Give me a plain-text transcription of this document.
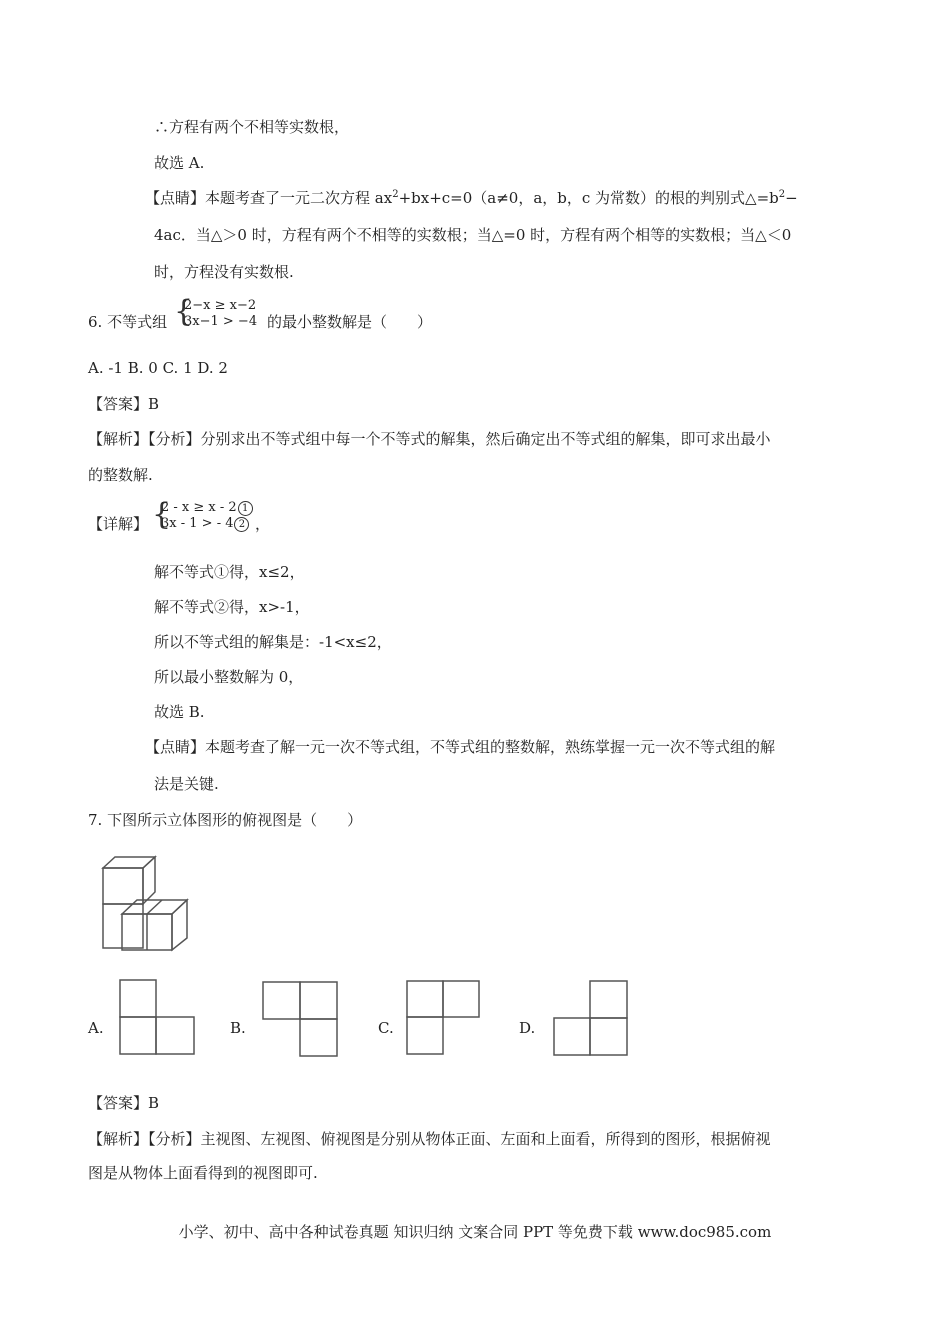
∴方程有两个不相等实数根，
故选 A.
【点睛】本题考查了一元二次方程 $ax^2+bx+c=0(a\ne 0$，a，b，c 为常数）的根的判别式$\triangle=b^2-$
4ac．当△＞0 时，方程有两个不相等的实数根；当△=0 时，方程有两个相等的实数根；当△＜0
时，方程没有实数根.
6. 不等式组 {
2−x ≥ x−2
3x−1 > −4 的最小整数解是（　　）
A. -1 B. 0 C. 1 D. 2
【答案】B
【解析】【分析】分别求出不等式组中每一个不等式的解集，然后确定出不等式组的解集，即可求出最小
的整数解.
【详解】 {
2 - x ≥ x - 2 1
3x - 1 > - 4 2 ，
解不等式①得，x≤2，
解不等式②得，x>-1，
所以不等式组的解集是：-1<x≤2，
所以最小整数解为 0，
故选 B.
【点睛】本题考查了解一元一次不等式组，不等式组的整数解，熟练掌握一元一次不等式组的解
法是关键.
7. 下图所示立体图形的俯视图是（　　）
A.	B.	C.	D.
【答案】B
【解析】【分析】主视图、左视图、俯视图是分别从物体正面、左面和上面看，所得到的图形，根据俯视
图是从物体上面看得到的视图即可.
小学、初中、高中各种试卷真题 知识归纳 文案合同 PPT 等免费下载 www.doc985.com
